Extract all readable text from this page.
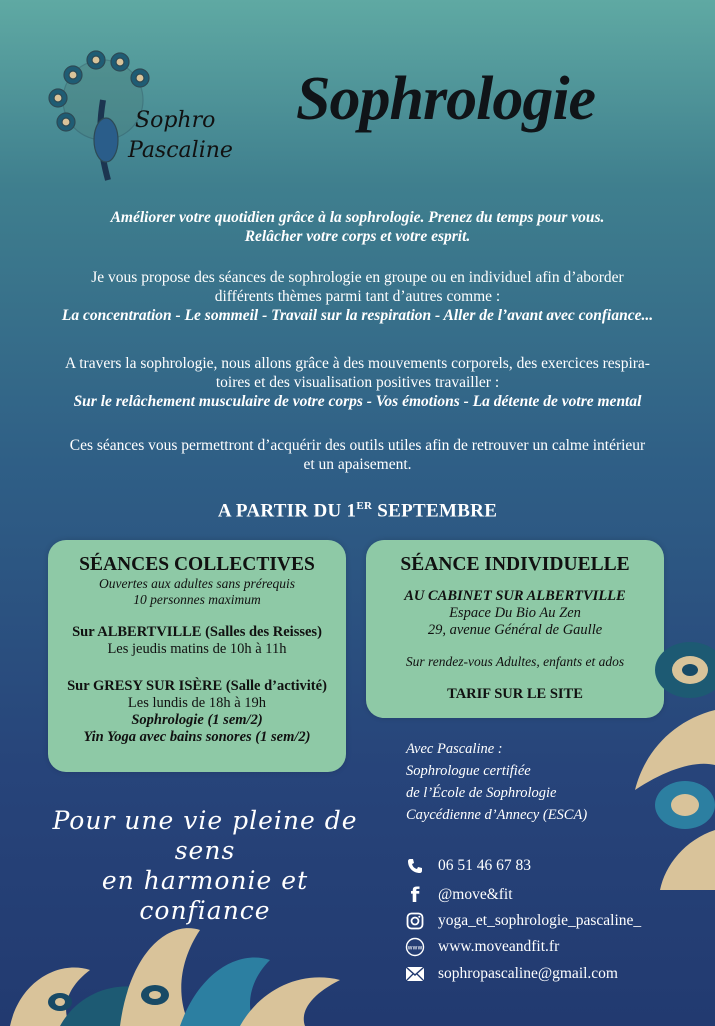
Sophro
Pascaline
Sophrologie
Améliorer votre quotidien grâce à la sophrologie. Prenez du temps pour vous.
Relâcher votre corps et votre esprit.
Je vous propose des séances de sophrologie en groupe ou en individuel afin d’aborder
différents thèmes parmi tant d’autres comme :
La concentration - Le sommeil - Travail sur la respiration - Aller de l’avant avec confiance...
A travers la sophrologie, nous allons grâce à des mouvements corporels, des exercices respira-
toires et des visualisation positives travailler :
Sur le relâchement musculaire de votre corps - Vos émotions - La détente de votre mental
Ces séances vous permettront d’acquérir des outils utiles afin de retrouver un calme intérieur
et un apaisement.
A PARTIR DU 1ER SEPTEMBRE
SÉANCES COLLECTIVES
Ouvertes aux adultes sans prérequis
10 personnes maximum
Sur ALBERTVILLE (Salles des Reisses)
Les jeudis matins de 10h à 11h
Sur GRESY SUR ISÈRE (Salle d’activité)
Les lundis de 18h à 19h
Sophrologie (1 sem/2)
Yin Yoga avec bains sonores (1 sem/2)
SÉANCE INDIVIDUELLE
AU CABINET SUR ALBERTVILLE
Espace Du Bio Au Zen
29, avenue Général de Gaulle
Sur rendez-vous Adultes, enfants et ados
TARIF SUR LE SITE
Pour une vie pleine de sens
en harmonie et confiance
Avec Pascaline :
Sophrologue certifiée
de l’École de Sophrologie
Caycédienne d’Annecy (ESCA)
06 51 46 67 83
f	@move&fit
yoga_et_sophrologie_pascaline_
www www.moveandfit.fr
sophropascaline@gmail.com
